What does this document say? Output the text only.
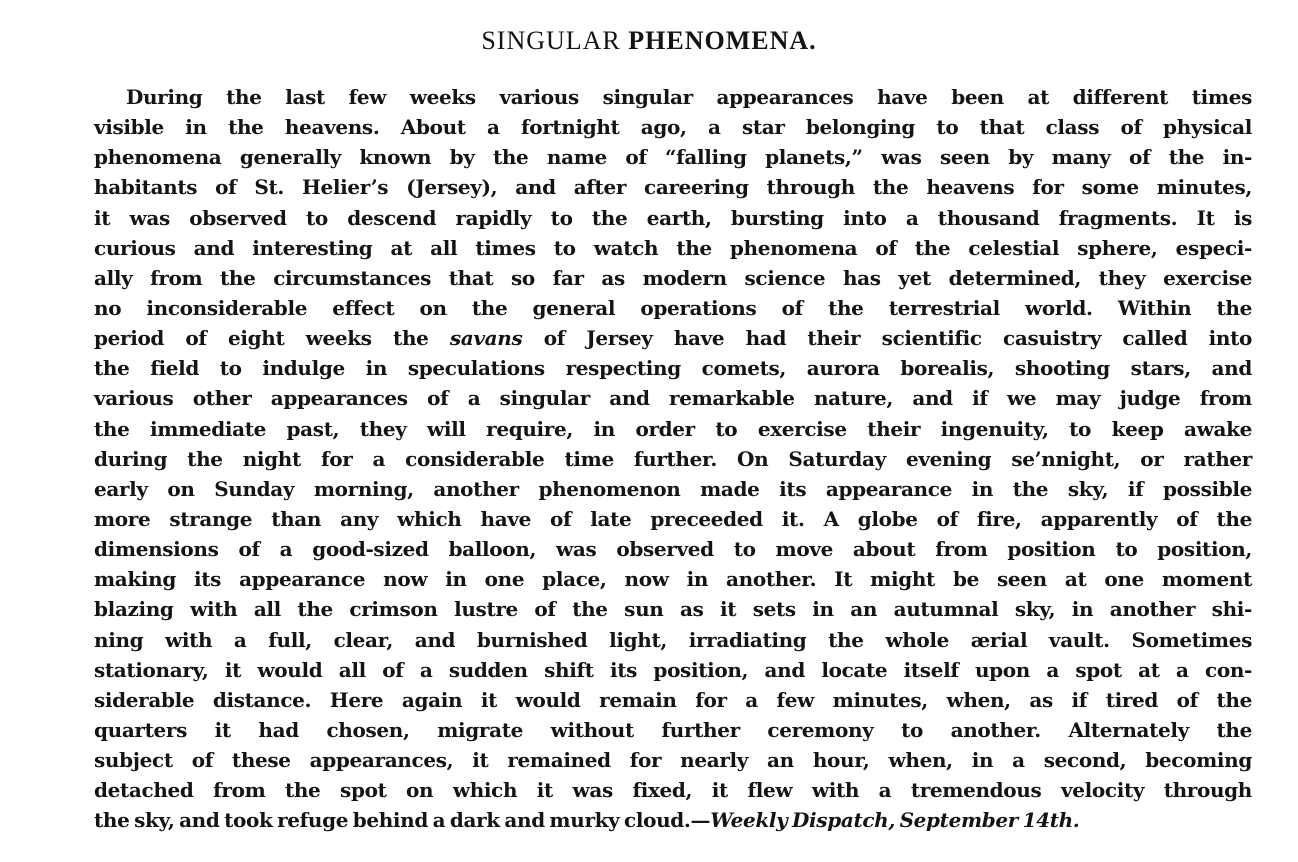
SINGULAR PHENOMENA.
During the last few weeks various singular appearances have been at different times
visible in the heavens. About a fortnight ago, a star belonging to that class of physical
phenomena generally known by the name of “falling planets,” was seen by many of the in-
habitants of St. Helier’s (Jersey), and after careering through the heavens for some minutes,
it was observed to descend rapidly to the earth, bursting into a thousand fragments. It is
curious and interesting at all times to watch the phenomena of the celestial sphere, especi-
ally from the circumstances that so far as modern science has yet determined, they exercise
no inconsiderable effect on the general operations of the terrestrial world. Within the
period of eight weeks the savans of Jersey have had their scientific casuistry called into
the field to indulge in speculations respecting comets, aurora borealis, shooting stars, and
various other appearances of a singular and remarkable nature, and if we may judge from
the immediate past, they will require, in order to exercise their ingenuity, to keep awake
during the night for a considerable time further. On Saturday evening se’nnight, or rather
early on Sunday morning, another phenomenon made its appearance in the sky, if possible
more strange than any which have of late preceeded it. A globe of fire, apparently of the
dimensions of a good-sized balloon, was observed to move about from position to position,
making its appearance now in one place, now in another. It might be seen at one moment
blazing with all the crimson lustre of the sun as it sets in an autumnal sky, in another shi-
ning with a full, clear, and burnished light, irradiating the whole ærial vault. Sometimes
stationary, it would all of a sudden shift its position, and locate itself upon a spot at a con-
siderable distance. Here again it would remain for a few minutes, when, as if tired of the
quarters it had chosen, migrate without further ceremony to another. Alternately the
subject of these appearances, it remained for nearly an hour, when, in a second, becoming
detached from the spot on which it was fixed, it flew with a tremendous velocity through
the sky, and took refuge behind a dark and murky cloud.—Weekly Dispatch, September 14th.
